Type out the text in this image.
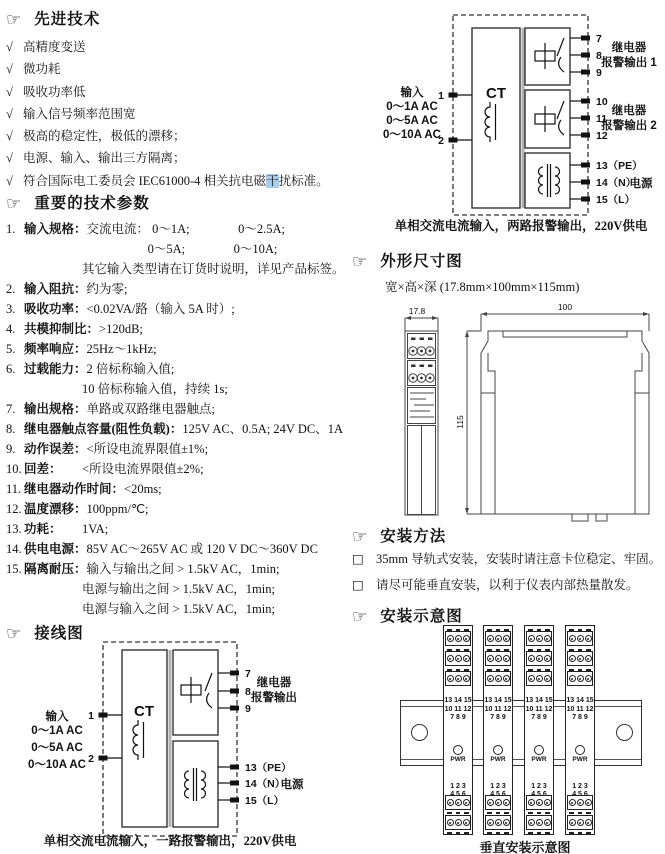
☞ 先进技术
☞ 重要的技术参数
☞ 接线图
☞ 外形尺寸图
☞ 安装方法
☞ 安装示意图
√ 高精度变送
√ 微功耗
√ 吸收功率低
√ 输入信号频率范围宽
√ 极高的稳定性，极低的漂移；
√ 电源、输入、输出三方隔离；
√ 符合国际电工委员会 IEC61000-4 相关抗电磁干扰标准。
1. 输入规格：交流电流： 0～1A;	0～2.5A;
　　　　　 0～5A;	0～10A;
其它输入类型请在订货时说明，详见产品标签。
2. 输入阻抗：约为零;
3. 吸收功率：<0.02VA/路（输入 5A 时）;
4. 共模抑制比：>120dB;
5. 频率响应：25Hz～1kHz;
6. 过载能力：2 倍标称输入值;
10 倍标称输入值，持续 1s;
7. 输出规格：单路或双路继电器触点;
8. 继电器触点容量(阻性负载)：125V AC、0.5A; 24V DC、1A
9. 动作误差：<所设电流界限值±1%;
10. 回差： <所设电流界限值±2%;
11. 继电器动作时间：<20ms;
12. 温度漂移：100ppm/℃;
13. 功耗： 1VA;
14. 供电电源：85V AC～265V AC 或 120 V DC～360V DC
15. 隔离耐压：输入与输出之间 > 1.5kV AC，1min;
电源与输出之间 > 1.5kV AC，1min;
电源与输入之间 > 1.5kV AC，1min;
CT
1
2
输入
0～1A AC
0～5A AC
0～10A AC
7
8
9
继电器
报警输出 1
10
11
12
继电器
报警输出 2
13（PE）
14（N）
15（L）
电源
单相交流电流输入，两路报警输出，220V供电
宽×高×深 (17.8mm×100mm×115mm)
17.8	100
115
□ 35mm 导轨式安装，安装时请注意卡位稳定、牢固。
□ 请尽可能垂直安装，以利于仪表内部热量散发。
CT
1
2
输入
0～1A AC
0～5A AC
0～10A AC
7
8
9
继电器
报警输出
13（PE）
14（N）
15（L）
电源
单相交流电流输入，一路报警输出，220V供电
13 14 15
10 11 12
7 8 9
PWR
1 2 3
4 5 6
13 14 15
10 11 12
7 8 9
PWR
1 2 3
4 5 6
13 14 15
10 11 12
7 8 9
PWR
1 2 3
4 5 6
13 14 15
10 11 12
7 8 9
PWR
1 2 3
4 5 6
垂直安装示意图
